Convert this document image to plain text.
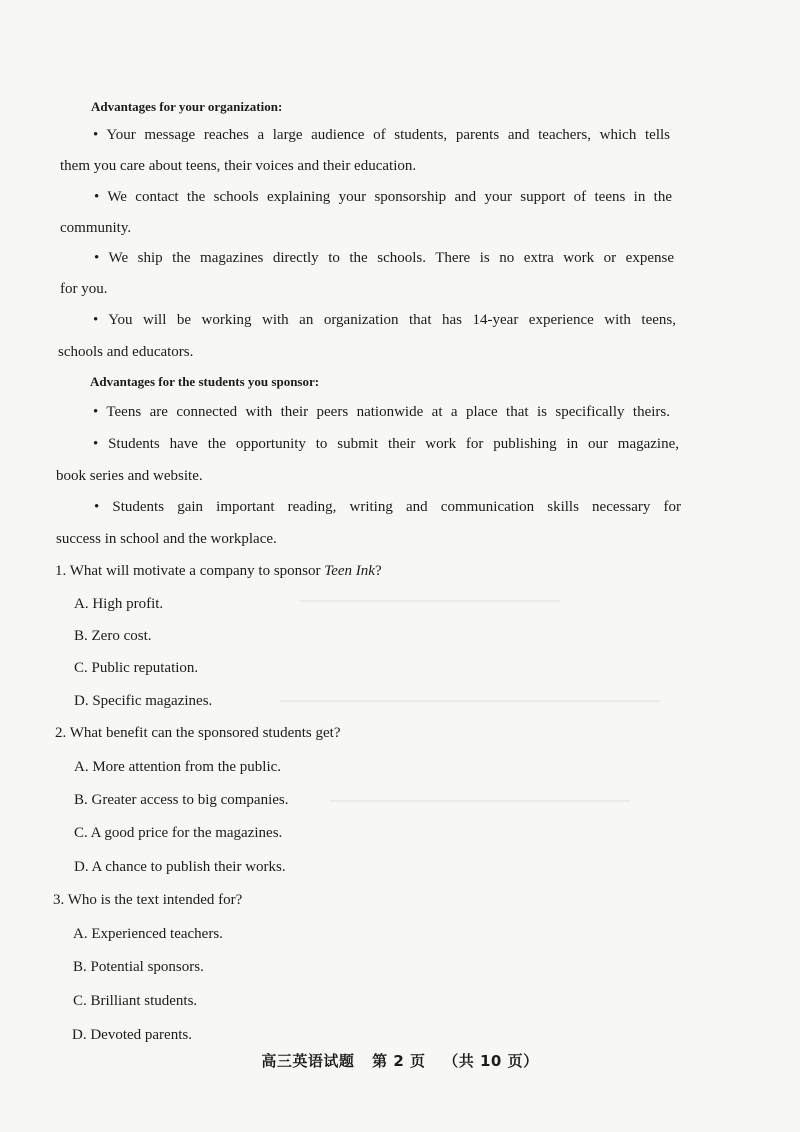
Advantages for your organization:
• Your message reaches a large audience of students, parents and teachers, which tells
them you care about teens, their voices and their education.
• We contact the schools explaining your sponsorship and your support of teens in the
community.
• We ship the magazines directly to the schools. There is no extra work or expense
for you.
• You will be working with an organization that has 14-year experience with teens,
schools and educators.
Advantages for the students you sponsor:
• Teens are connected with their peers nationwide at a place that is specifically theirs.
• Students have the opportunity to submit their work for publishing in our magazine,
book series and website.
• Students gain important reading, writing and communication skills necessary for
success in school and the workplace.
1. What will motivate a company to sponsor Teen Ink?
A. High profit.
B. Zero cost.
C. Public reputation.
D. Specific magazines.
2. What benefit can the sponsored students get?
A. More attention from the public.
B. Greater access to big companies.
C. A good price for the magazines.
D. A chance to publish their works.
3. Who is the text intended for?
A. Experienced teachers.
B. Potential sponsors.
C. Brilliant students.
D. Devoted parents.
高三英语试题 第 2 页 （共 10 页）
